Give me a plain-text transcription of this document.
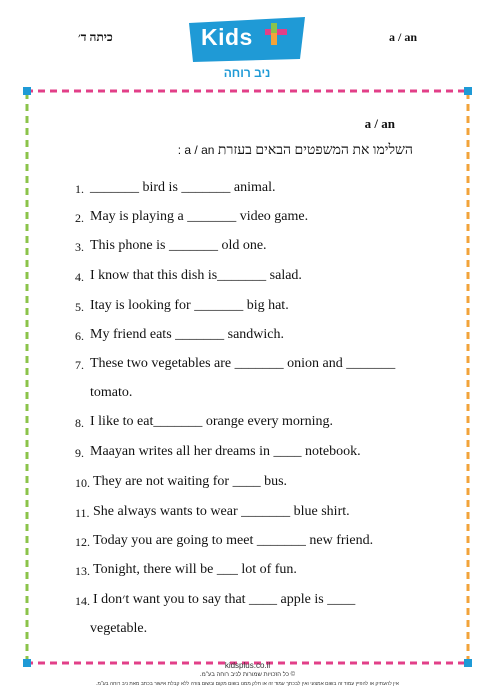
כיתה ד׳	a / an
Kids
ניב רוחה
a / an
השלימו את המשפטים הבאים בעזרת a / an :
1. _______ bird is _______ animal.
2. May is playing a _______ video game.
3. This phone is _______ old one.
4. I know that this dish is_______ salad.
5. Itay is looking for _______ big hat.
6. My friend eats _______ sandwich.
7. These two vegetables are _______ onion and _______
tomato.
8. I like to eat_______ orange every morning.
9. Maayan writes all her dreams in ____ notebook.
10. They are not waiting for ____ bus.
11. She always wants to wear _______ blue shirt.
12. Today you are going to meet _______ new friend.
13. Tonight, there will be ___ lot of fun.
14. I don׳t want you to say that ____ apple is ____
vegetable.
kidsplus.co.il
© כל הזכויות שמורות לניב רוחה בע"מ.
אין להעתיק או להפיץ עמוד זה בשום אמצעי ואין לבכתך עמוד זה או חלק ממנו בשום מקום ובשום צורה ללא קבלת אישור בכתב מאת ניב רוחה בע"מ.
